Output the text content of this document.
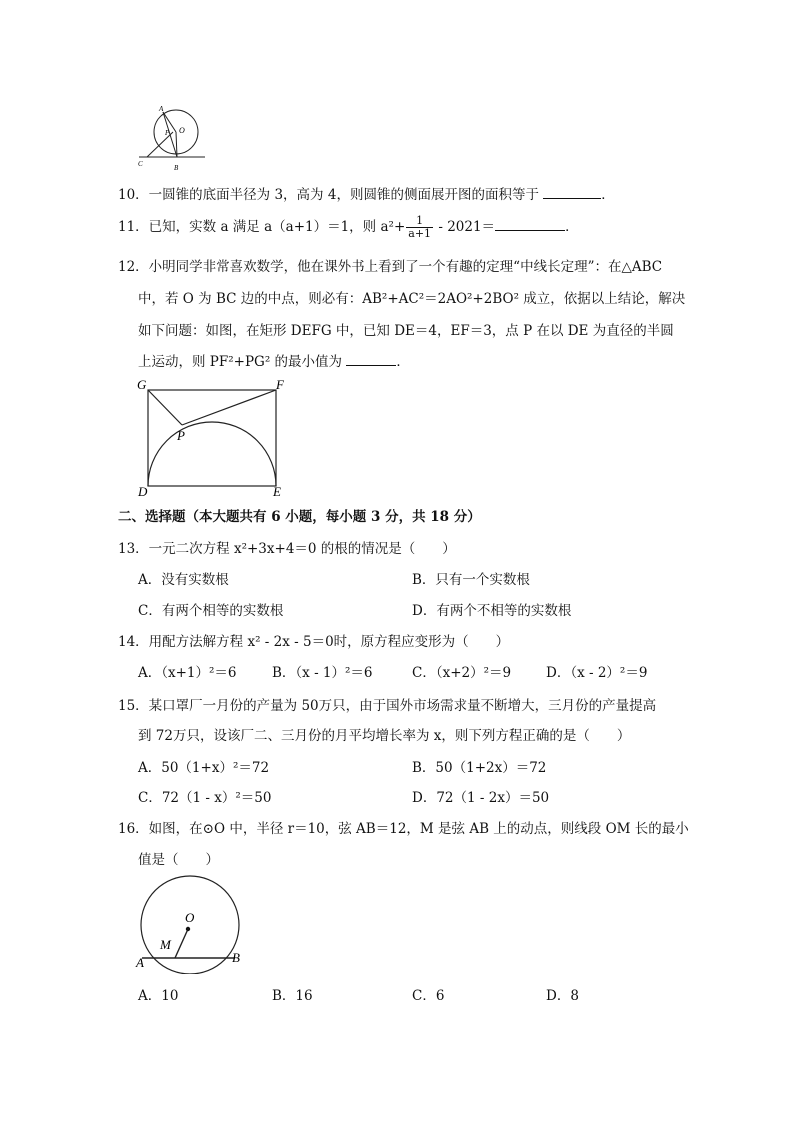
A
P O
C	B
10．一圆锥的底面半径为 3，高为 4，则圆锥的侧面展开图的面积等于	．
11．已知，实数 a 满足 a（a+1）＝1，则 $a^2+ \frac{1}{a+1} - 2021=$	．
12．小明同学非常喜欢数学，他在课外书上看到了一个有趣的定理“中线长定理”：在△ABC
中，若 O 为 BC 边的中点，则必有：AB²+AC²＝2AO²+2BO² 成立，依据以上结论，解决
如下问题：如图，在矩形 DEFG 中，已知 DE＝4，EF＝3，点 P 在以 DE 为直径的半圆
上运动，则 PF²+PG² 的最小值为	．
G	F
P
D	E
二、选择题（本大题共有 6 小题，每小题 3 分，共 18 分）
13．一元二次方程 x²+3x+4＝0 的根的情况是（　　）
A．没有实数根	B．只有一个实数根
C．有两个相等的实数根	D．有两个不相等的实数根
14．用配方法解方程 x² - 2x - 5＝0时，原方程应变形为（　　）
A．（x+1）²＝6	B．（x - 1）²＝6	C．（x+2）²＝9	D．（x - 2）²＝9
15．某口罩厂一月份的产量为 50万只，由于国外市场需求量不断增大，三月份的产量提高
到 72万只，设该厂二、三月份的月平均增长率为 x，则下列方程正确的是（　　）
A．50（1+x）²＝72	B．50（1+2x）＝72
C．72（1 - x）²＝50	D．72（1 - 2x）＝50
16．如图，在⊙O 中，半径 r＝10，弦 AB＝12，M 是弦 AB 上的动点，则线段 OM 长的最小
值是（　　）
O
M
A	B
A．10	B．16	C．6	D．8
